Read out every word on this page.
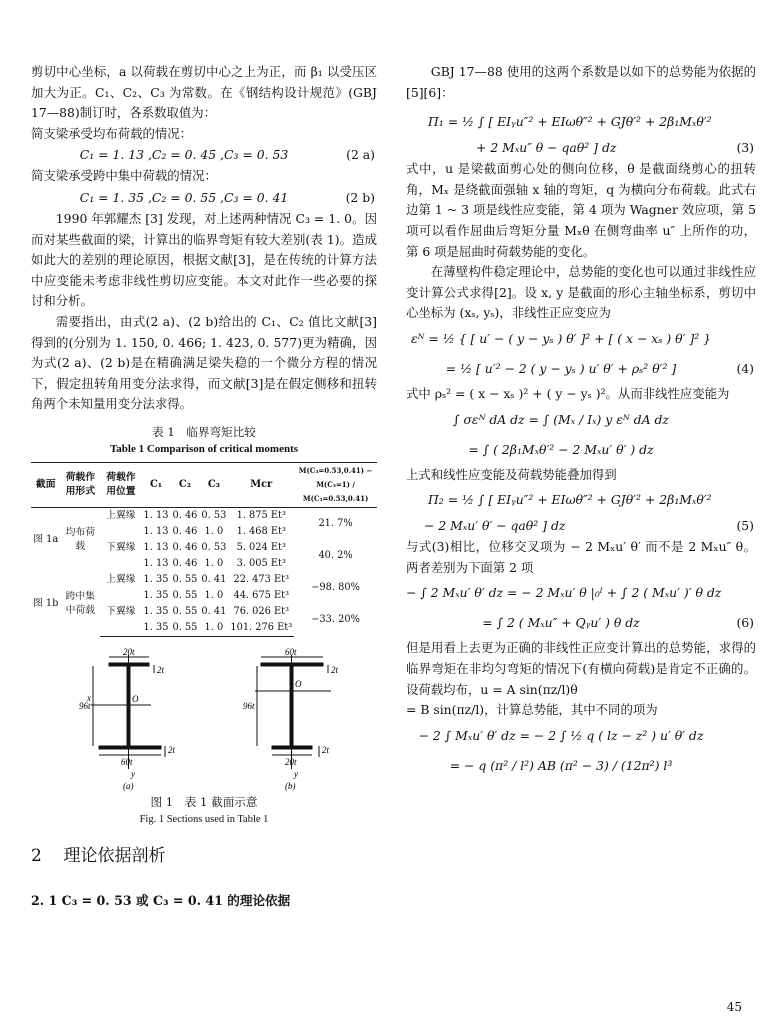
剪切中心坐标，a 以荷载在剪切中心之上为正，而 β₁ 以受压区加大为正。C₁、C₂、C₃ 为常数。在《钢结构设计规范》(GBJ 17—88)制订时，各系数取值为：

简支梁承受均布荷载的情况：

C₁ = 1. 13 ,C₂ = 0. 45 ,C₃ = 0. 53	(2 a)

简支梁承受跨中集中荷载的情况：

C₁ = 1. 35 ,C₂ = 0. 55 ,C₃ = 0. 41	(2 b)

1990 年郭耀杰 [3] 发现，对上述两种情况 C₃ = 1. 0。因而对某些截面的梁，计算出的临界弯矩有较大差别(表 1)。造成如此大的差别的理论原因，根据文献[3]，是在传统的计算方法中应变能未考虑非线性剪切应变能。本文对此作一些必要的探讨和分析。

需要指出，由式(2 a)、(2 b)给出的 C₁、C₂ 值比文献[3]得到的(分别为 1. 150, 0. 466; 1. 423, 0. 577)更为精确，因为式(2 a)、(2 b)是在精确满足梁失稳的一个微分方程的情况下，假定扭转角用变分法求得，而文献[3]是在假定侧移和扭转角两个未知量用变分法求得。

表 1　临界弯矩比较
Table 1 Comparison of critical moments
截面	荷载作用形式	荷载作用位置	C₁	C₂	C₃	Mcr	M(C₃=0.53,0.41) − M(C₃=1) / M(C₃=0.53,0.41)
图 1a	均布荷载	上翼缘	1. 13	0. 46	0. 53	1. 875 Et³	21. 7%
			1. 13	0. 46	1. 0	1. 468 Et³	
		下翼缘	1. 13	0. 46	0. 53	5. 024 Et³	40. 2%
			1. 13	0. 46	1. 0	3. 005 Et³	
图 1b	跨中集中荷载	上翼缘	1. 35	0. 55	0. 41	22. 473 Et³	−98. 80%
			1. 35	0. 55	1. 0	44. 675 Et³	
		下翼缘	1. 35	0. 55	0. 41	76. 026 Et³	−33. 20%
			1. 35	0. 55	1. 0	101. 276 Et³	
20t
96t
60t
2t
2t
x
y
O
60t
96t
20t
2t
2t
O
y
(a)	(b)
图 1　表 1 截面示意
Fig. 1 Sections used in Table 1
2 理论依据剖析
2. 1 C₃ = 0. 53 或 C₃ = 0. 41 的理论依据

GBJ 17—88 使用的这两个系数是以如下的总势能为依据的[5][6]：

Π₁ = ½ ∫ [ EIᵧu″² + EIωθ″² + GJθ′² + 2β₁Mₓθ′²
+ 2 Mₓu″ θ − qaθ² ] dz	(3)

式中，u 是梁截面剪心处的侧向位移，θ 是截面绕剪心的扭转角，Mₓ 是绕截面强轴 x 轴的弯矩，q 为横向分布荷载。此式右边第 1 ~ 3 项是线性应变能，第 4 项为 Wagner 效应项，第 5 项可以看作屈曲后弯矩分量 Mₓθ 在侧弯曲率 u″ 上所作的功，第 6 项是屈曲时荷载势能的变化。

在薄壁构件稳定理论中，总势能的变化也可以通过非线性应变计算公式求得[2]。设 x, y 是截面的形心主轴坐标系，剪切中心坐标为 (xₛ, yₛ)，非线性正应变应为

εᴺ = ½ { [ u′ − ( y − yₛ ) θ′ ]² + [ ( x − xₛ ) θ′ ]² }
= ½ [ u′² − 2 ( y − yₛ ) u′ θ′ + ρₛ² θ′² ]	(4)

式中 ρₛ² = ( x − xₛ )² + ( y − yₛ )²。从而非线性应变能为

∫ σεᴺ dA dz = ∫ (Mₓ / Iₓ) y εᴺ dA dz
= ∫ ( 2β₁Mₓθ′² − 2 Mₓu′ θ′ ) dz

上式和线性应变能及荷载势能叠加得到

Π₂ = ½ ∫ [ EIᵧu″² + EIωθ″² + GJθ′² + 2β₁Mₓθ′²
− 2 Mₓu′ θ′ − qaθ² ] dz	(5)

与式(3)相比，位移交叉项为 − 2 Mₓu′ θ′ 而不是 2 Mₓu″ θ。两者差别为下面第 2 项

− ∫ 2 Mₓu′ θ′ dz = − 2 Mₓu′ θ |₀ˡ + ∫ 2 ( Mₓu′ )′ θ dz
= ∫ 2 ( Mₓu″ + Qᵧu′ ) θ dz	(6)

但是用看上去更为正确的非线性正应变计算出的总势能，求得的临界弯矩在非均匀弯矩的情况下(有横向荷载)是肯定不正确的。设荷载均布，u = A sin(πz/l)θ

= B sin(πz/l)，计算总势能，其中不同的项为

− 2 ∫ Mₓu′ θ′ dz = − 2 ∫ ½ q ( lz − z² ) u′ θ′ dz
= − q (π² / l²) AB (π² − 3) / (12π²) l³
45
